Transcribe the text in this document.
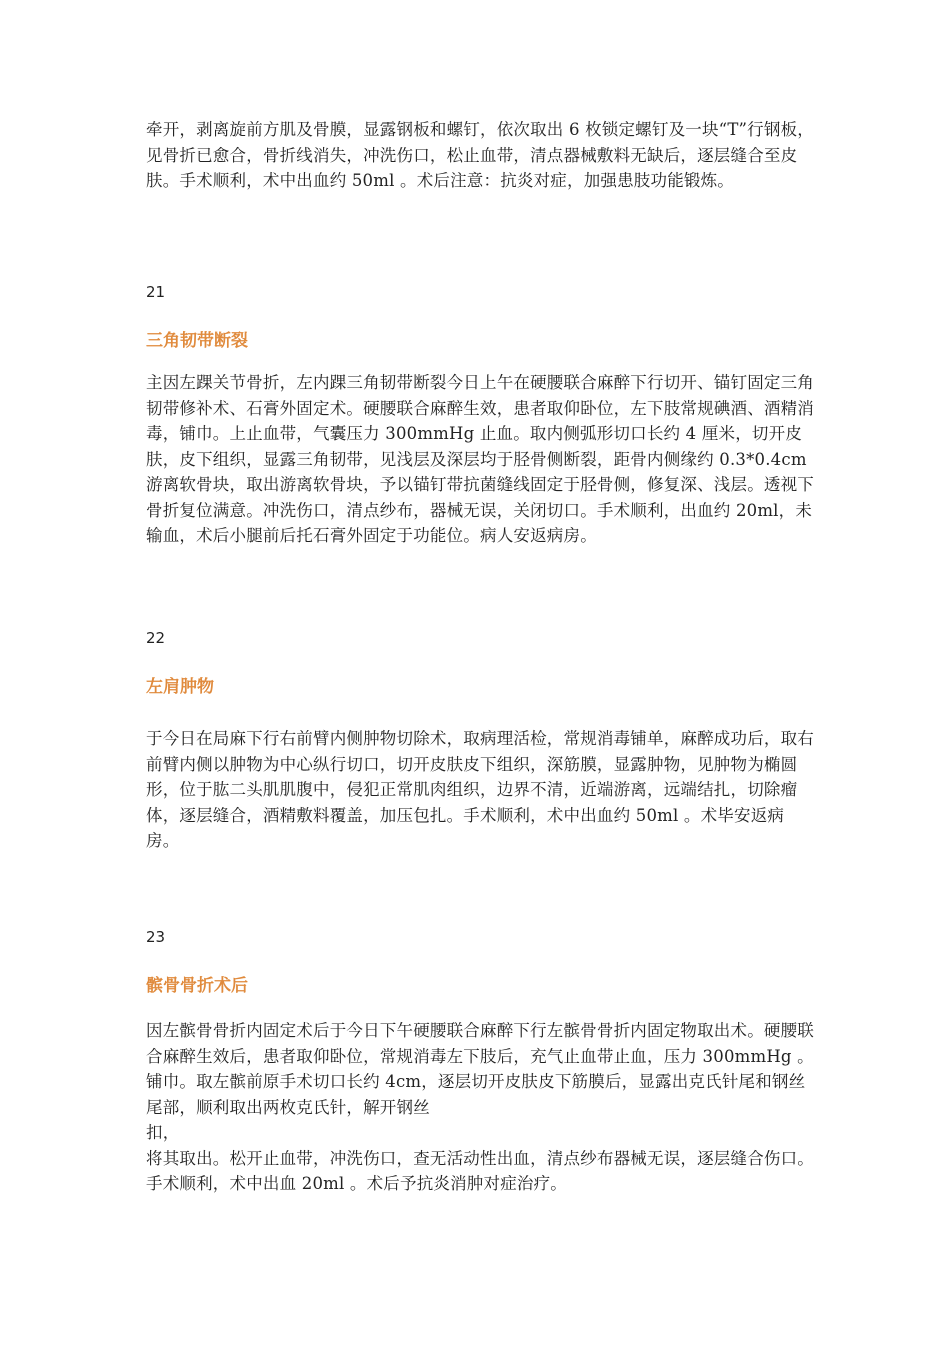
牵开，剥离旋前方肌及骨膜，显露钢板和螺钉，依次取出 6 枚锁定螺钉及一块“T”行钢板，见骨折已愈合，骨折线消失，冲洗伤口，松止血带，清点器械敷料无缺后，逐层缝合至皮肤。手术顺利，术中出血约 50ml 。术后注意：抗炎对症，加强患肢功能锻炼。

21

三角韧带断裂

主因左踝关节骨折，左内踝三角韧带断裂今日上午在硬腰联合麻醉下行切开、锚钉固定三角韧带修补术、石膏外固定术。硬腰联合麻醉生效，患者取仰卧位，左下肢常规碘酒、酒精消毒，铺巾。上止血带，气囊压力 300mmHg 止血。取内侧弧形切口长约 4 厘米，切开皮肤，皮下组织，显露三角韧带，见浅层及深层均于胫骨侧断裂，距骨内侧缘约 0.3*0.4cm 游离软骨块，取出游离软骨块，予以锚钉带抗菌缝线固定于胫骨侧，修复深、浅层。透视下骨折复位满意。冲洗伤口，清点纱布，器械无误，关闭切口。手术顺利，出血约 20ml，未输血，术后小腿前后托石膏外固定于功能位。病人安返病房。

22

左肩肿物

于今日在局麻下行右前臂内侧肿物切除术，取病理活检，常规消毒铺单，麻醉成功后，取右前臂内侧以肿物为中心纵行切口，切开皮肤皮下组织，深筋膜，显露肿物，见肿物为椭圆形，位于肱二头肌肌腹中，侵犯正常肌肉组织，边界不清，近端游离，远端结扎，切除瘤体，逐层缝合，酒精敷料覆盖，加压包扎。手术顺利，术中出血约 50ml 。术毕安返病房。

23

髌骨骨折术后

因左髌骨骨折内固定术后于今日下午硬腰联合麻醉下行左髌骨骨折内固定物取出术。硬腰联合麻醉生效后，患者取仰卧位，常规消毒左下肢后，充气止血带止血，压力 300mmHg 。铺巾。取左髌前原手术切口长约 4cm，逐层切开皮肤皮下筋膜后，显露出克氏针尾和钢丝尾部，顺利取出两枚克氏针，解开钢丝
扣，
将其取出。松开止血带，冲洗伤口，查无活动性出血，清点纱布器械无误，逐层缝合伤口。手术顺利，术中出血 20ml 。术后予抗炎消肿对症治疗。
